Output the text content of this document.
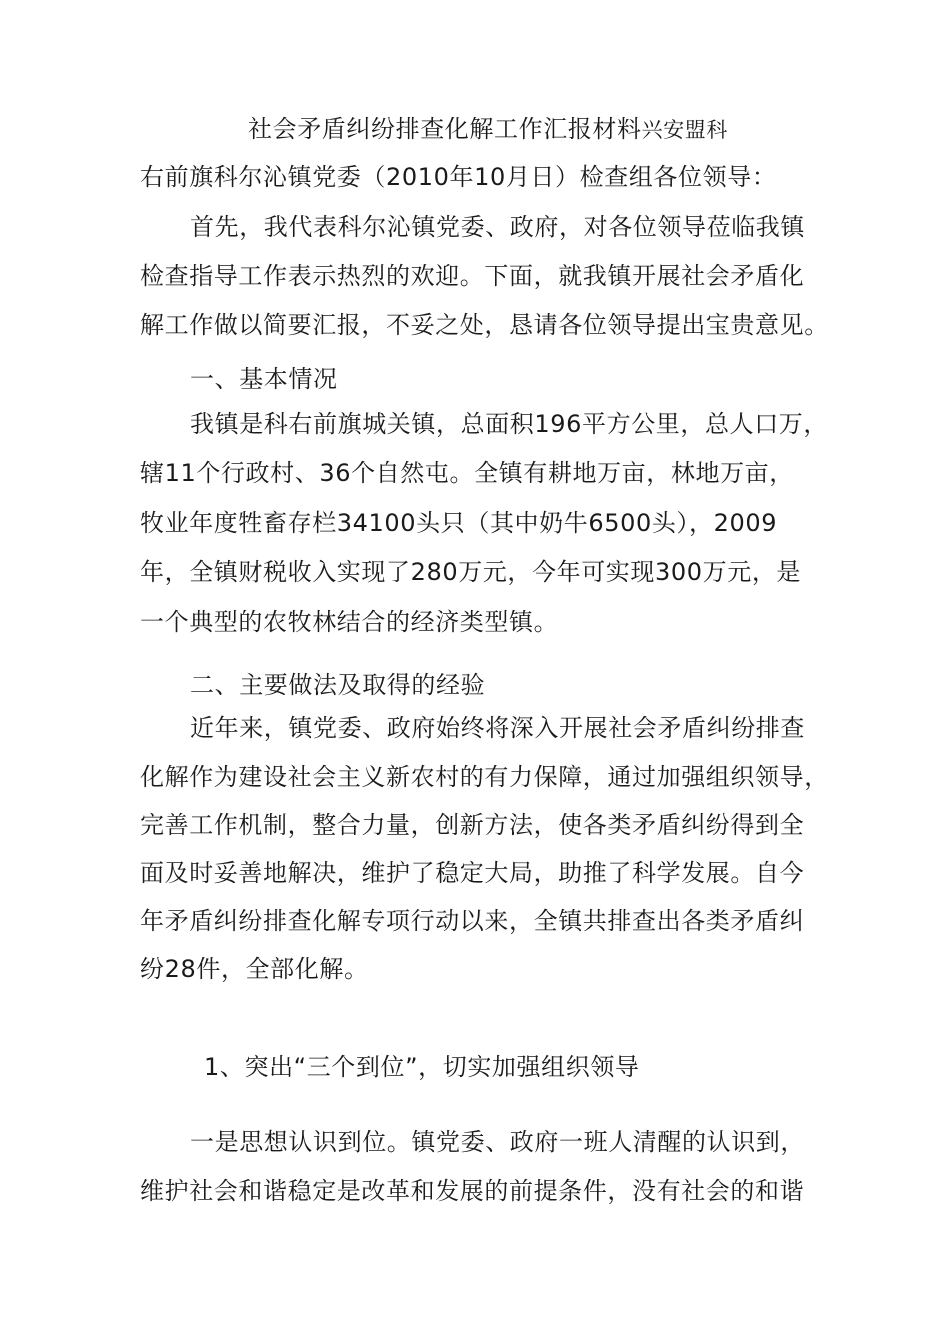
社会矛盾纠纷排查化解工作汇报材料兴安盟科
右前旗科尔沁镇党委（2010年10月日）检查组各位领导：
首先，我代表科尔沁镇党委、政府，对各位领导莅临我镇
检查指导工作表示热烈的欢迎。下面，就我镇开展社会矛盾化
解工作做以简要汇报，不妥之处，恳请各位领导提出宝贵意见。
一、基本情况
我镇是科右前旗城关镇，总面积196平方公里，总人口万，
辖11个行政村、36个自然屯。全镇有耕地万亩，林地万亩，
牧业年度牲畜存栏34100头只（其中奶牛6500头），2009
年，全镇财税收入实现了280万元，今年可实现300万元，是
一个典型的农牧林结合的经济类型镇。
二、主要做法及取得的经验
近年来，镇党委、政府始终将深入开展社会矛盾纠纷排查
化解作为建设社会主义新农村的有力保障，通过加强组织领导，
完善工作机制，整合力量，创新方法，使各类矛盾纠纷得到全
面及时妥善地解决，维护了稳定大局，助推了科学发展。自今
年矛盾纠纷排查化解专项行动以来，全镇共排查出各类矛盾纠
纷28件，全部化解。
1、突出“三个到位”，切实加强组织领导
一是思想认识到位。镇党委、政府一班人清醒的认识到，
维护社会和谐稳定是改革和发展的前提条件，没有社会的和谐
